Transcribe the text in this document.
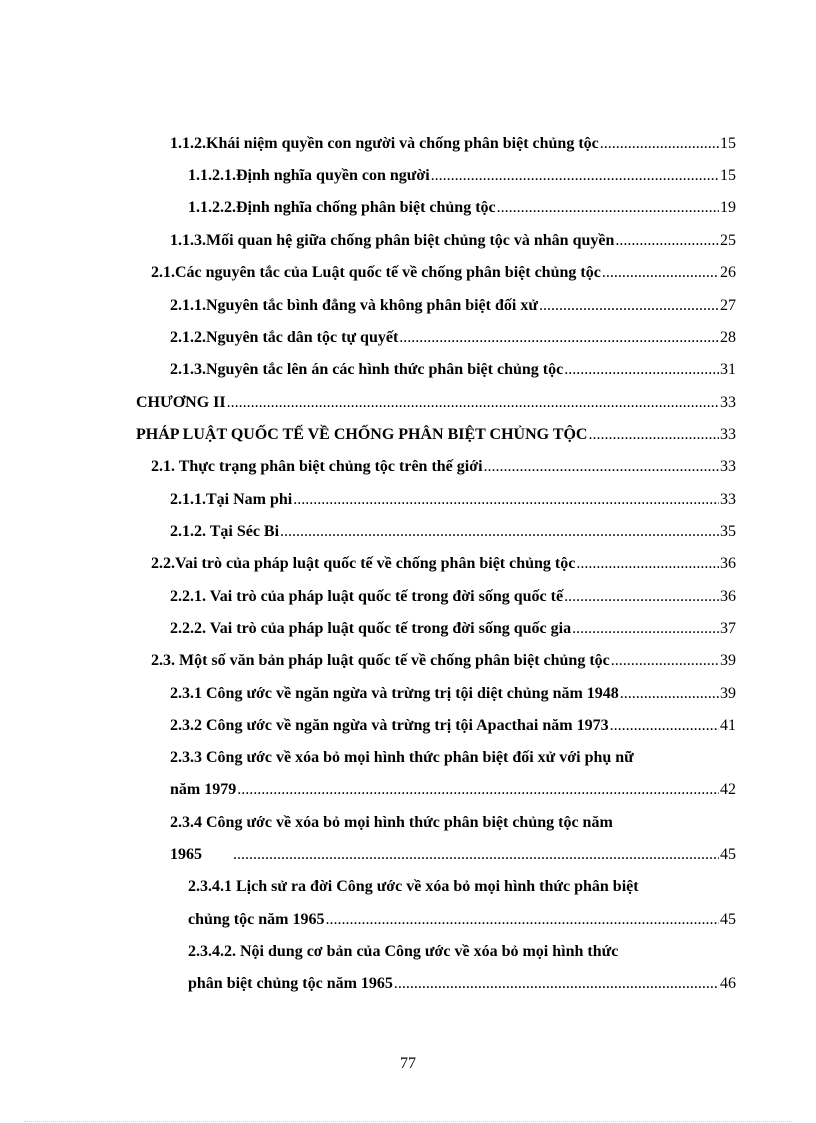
1.1.2.Khái niệm quyền con người và chống phân biệt chủng tộc .....	15
1.1.2.1.Định nghĩa quyền con người .....	15
1.1.2.2.Định nghĩa chống phân biệt chủng tộc .....	19
1.1.3.Mối quan hệ giữa chống phân biệt chủng tộc và nhân quyền .....	25
2.1.Các nguyên tắc của Luật quốc tế về chống phân biệt chủng tộc .....	26
2.1.1.Nguyên tắc bình đẳng và không phân biệt đối xử .....	27
2.1.2.Nguyên tắc dân tộc tự quyết .....	28
2.1.3.Nguyên tắc lên án các hình thức phân biệt chủng tộc .....	31
CHƯƠNG II .....	33
PHÁP LUẬT QUỐC TẾ VỀ CHỐNG PHÂN BIỆT CHỦNG TỘC .....	33
2.1. Thực trạng phân biệt chủng tộc trên thế giới .....	33
2.1.1.Tại Nam phi .....	33
2.1.2. Tại Séc Bi .....	35
2.2.Vai trò của pháp luật quốc tế về chống phân biệt chủng tộc .....	36
2.2.1. Vai trò của pháp luật quốc tế trong đời sống quốc tế .....	36
2.2.2. Vai trò của pháp luật quốc tế trong đời sống quốc gia .....	37
2.3. Một số văn bản pháp luật quốc tế về chống phân biệt chủng tộc .....	39
2.3.1 Công ước về ngăn ngừa và trừng trị tội diệt chủng năm 1948 .....	39
2.3.2 Công ước về ngăn ngừa và trừng trị tội Apacthai năm 1973 .....	41
2.3.3 Công ước về xóa bỏ mọi hình thức phân biệt đối xử với phụ nữ
năm 1979 .....	42
2.3.4 Công ước về xóa bỏ mọi hình thức phân biệt chủng tộc năm
1965 .....	45
2.3.4.1 Lịch sử ra đời Công ước về xóa bỏ mọi hình thức phân biệt
chủng tộc năm 1965 .....	45
2.3.4.2. Nội dung cơ bản của Công ước về xóa bỏ mọi hình thức
phân biệt chủng tộc năm 1965 .....	46
77
